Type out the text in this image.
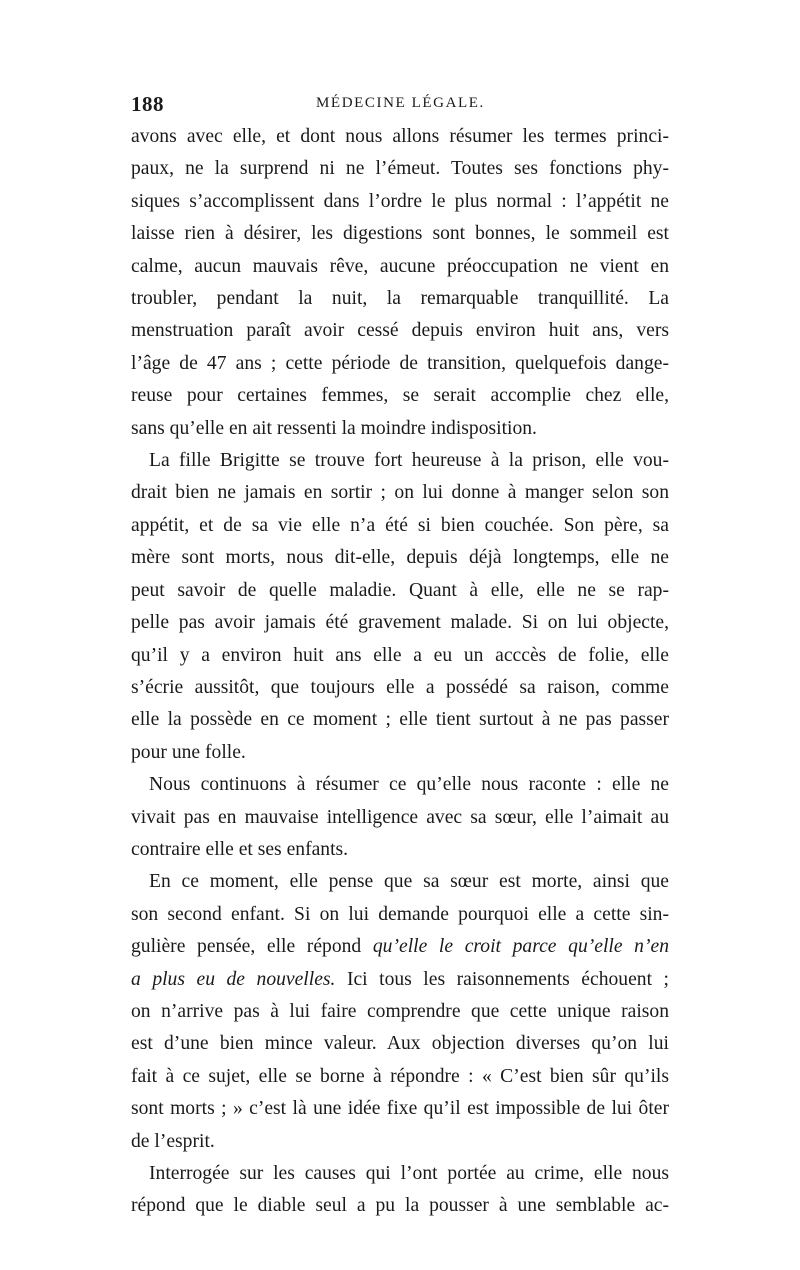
188	MÉDECINE LÉGALE.
avons avec elle, et dont nous allons résumer les termes princi-
paux, ne la surprend ni ne l’émeut. Toutes ses fonctions phy-
siques s’accomplissent dans l’ordre le plus normal : l’appétit ne
laisse rien à désirer, les digestions sont bonnes, le sommeil est
calme, aucun mauvais rêve, aucune préoccupation ne vient en
troubler, pendant la nuit, la remarquable tranquillité. La
menstruation paraît avoir cessé depuis environ huit ans, vers
l’âge de 47 ans ; cette période de transition, quelquefois dange-
reuse pour certaines femmes, se serait accomplie chez elle,
sans qu’elle en ait ressenti la moindre indisposition.
La fille Brigitte se trouve fort heureuse à la prison, elle vou-
drait bien ne jamais en sortir ; on lui donne à manger selon son
appétit, et de sa vie elle n’a été si bien couchée. Son père, sa
mère sont morts, nous dit-elle, depuis déjà longtemps, elle ne
peut savoir de quelle maladie. Quant à elle, elle ne se rap-
pelle pas avoir jamais été gravement malade. Si on lui objecte,
qu’il y a environ huit ans elle a eu un acccès de folie, elle
s’écrie aussitôt, que toujours elle a possédé sa raison, comme
elle la possède en ce moment ; elle tient surtout à ne pas passer
pour une folle.
Nous continuons à résumer ce qu’elle nous raconte : elle ne
vivait pas en mauvaise intelligence avec sa sœur, elle l’aimait au
contraire elle et ses enfants.
En ce moment, elle pense que sa sœur est morte, ainsi que
son second enfant. Si on lui demande pourquoi elle a cette sin-
gulière pensée, elle répond qu’elle le croit parce qu’elle n’en
a plus eu de nouvelles. Ici tous les raisonnements échouent ;
on n’arrive pas à lui faire comprendre que cette unique raison
est d’une bien mince valeur. Aux objection diverses qu’on lui
fait à ce sujet, elle se borne à répondre : « C’est bien sûr qu’ils
sont morts ; » c’est là une idée fixe qu’il est impossible de lui ôter
de l’esprit.
Interrogée sur les causes qui l’ont portée au crime, elle nous
répond que le diable seul a pu la pousser à une semblable ac-
